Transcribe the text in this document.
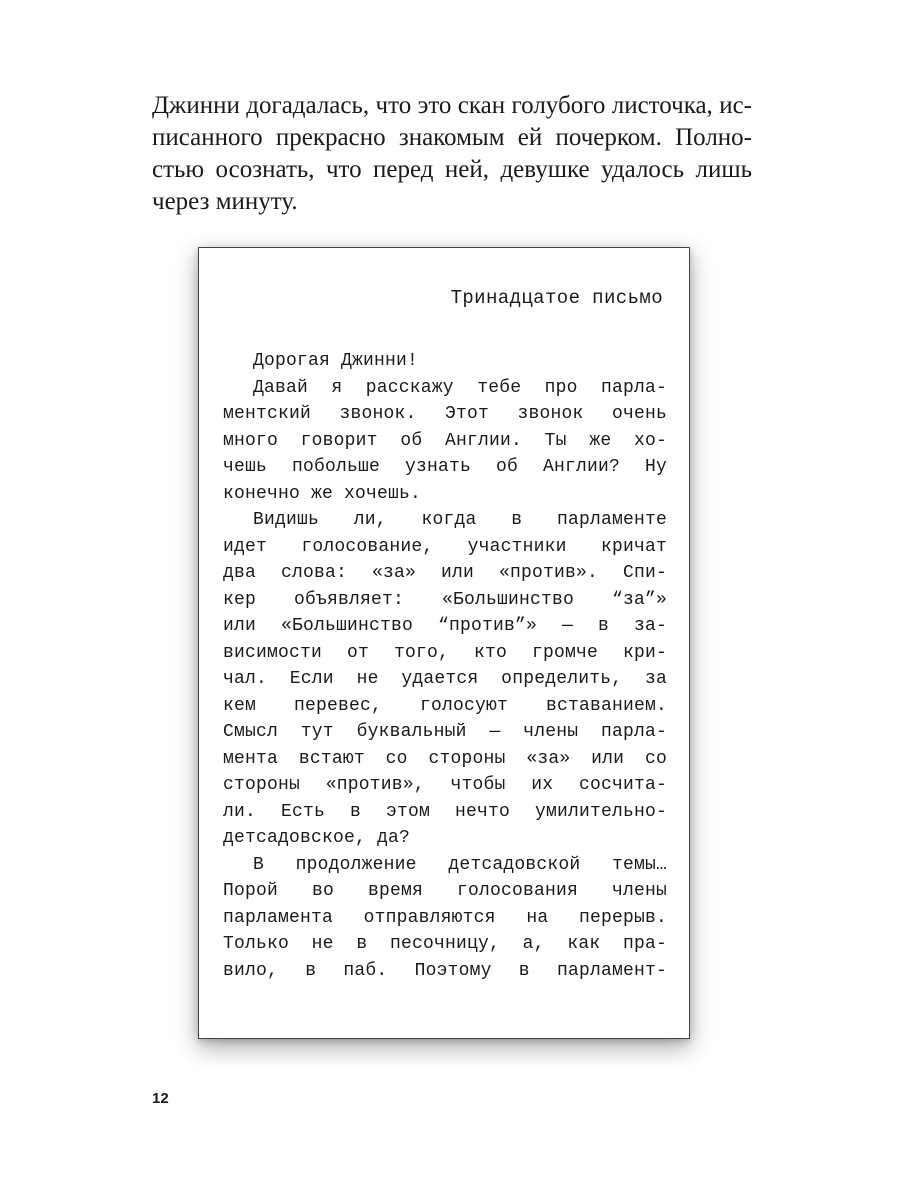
Джинни догадалась, что это скан голубого листочка, ис-
писанного прекрасно знакомым ей почерком. Полно-
стью осознать, что перед ней, девушке удалось лишь
через минуту.
Тринадцатое письмо
Дорогая Джинни!
Давай я расскажу тебе про парла-
ментский звонок. Этот звонок очень
много говорит об Англии. Ты же хо-
чешь побольше узнать об Англии? Ну
конечно же хочешь.
Видишь ли, когда в парламенте
идет голосование, участники кричат
два слова: «за» или «против». Спи-
кер объявляет: «Большинство “за”»
или «Большинство “против”» — в за-
висимости от того, кто громче кри-
чал. Если не удается определить, за
кем перевес, голосуют вставанием.
Смысл тут буквальный — члены парла-
мента встают со стороны «за» или со
стороны «против», чтобы их сосчита-
ли. Есть в этом нечто умилительно-
детсадовское, да?
В продолжение детсадовской темы…
Порой во время голосования члены
парламента отправляются на перерыв.
Только не в песочницу, а, как пра-
вило, в паб. Поэтому в парламент-
12
